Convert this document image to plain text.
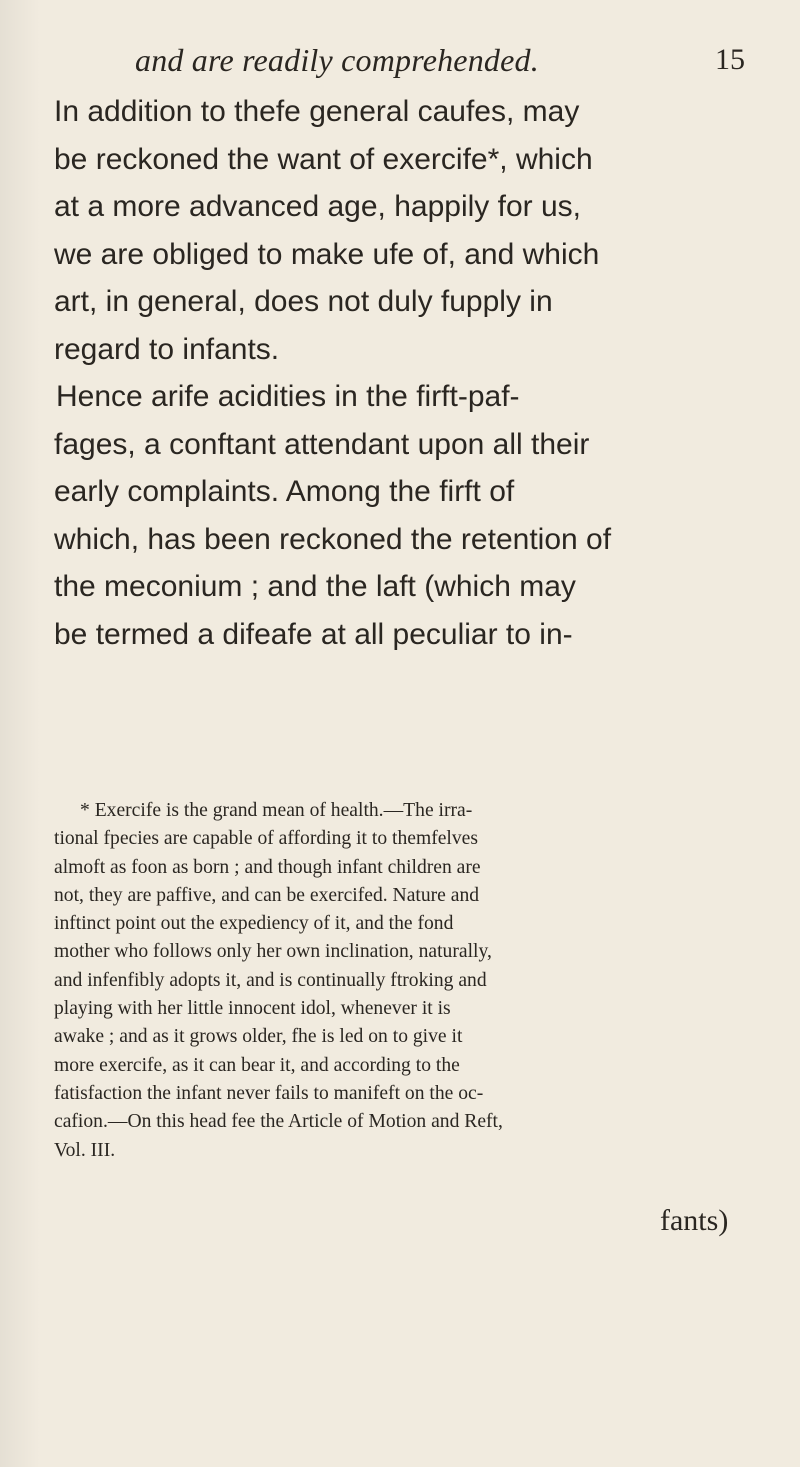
and are readily comprehended.	15
In addition to thefe general caufes, may
be reckoned the want of exercife*, which
at a more advanced age, happily for us,
we are obliged to make ufe of, and which
art, in general, does not duly fupply in
regard to infants.
Hence arife acidities in the firft-paf-
fages, a conftant attendant upon all their
early complaints. Among the firft of
which, has been reckoned the retention of
the meconium ; and the laft (which may
be termed a difeafe at all peculiar to in-
* Exercife is the grand mean of health.—The irra-
tional fpecies are capable of affording it to themfelves
almoft as foon as born ; and though infant children are
not, they are paffive, and can be exercifed. Nature and
inftinct point out the expediency of it, and the fond
mother who follows only her own inclination, naturally,
and infenfibly adopts it, and is continually ftroking and
playing with her little innocent idol, whenever it is
awake ; and as it grows older, fhe is led on to give it
more exercife, as it can bear it, and according to the
fatisfaction the infant never fails to manifeft on the oc-
cafion.—On this head fee the Article of Motion and Reft,
Vol. III.
fants)
